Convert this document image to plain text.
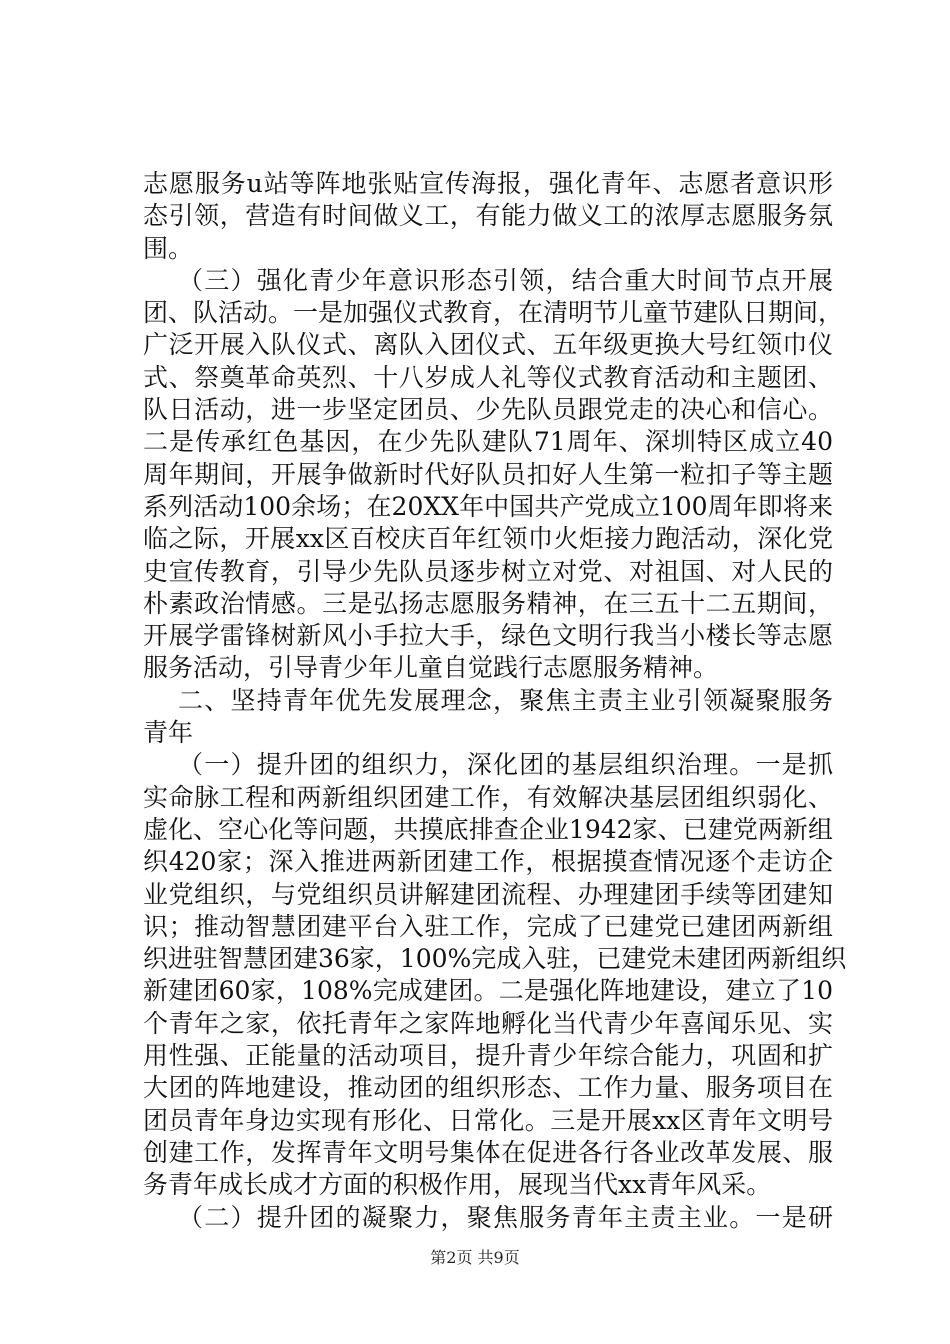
志愿服务u站等阵地张贴宣传海报，强化青年、志愿者意识形
态引领，营造有时间做义工，有能力做义工的浓厚志愿服务氛
围。
（三）强化青少年意识形态引领，结合重大时间节点开展
团、队活动。一是加强仪式教育，在清明节儿童节建队日期间，
广泛开展入队仪式、离队入团仪式、五年级更换大号红领巾仪
式、祭奠革命英烈、十八岁成人礼等仪式教育活动和主题团、
队日活动，进一步坚定团员、少先队员跟党走的决心和信心。
二是传承红色基因，在少先队建队71周年、深圳特区成立40
周年期间，开展争做新时代好队员扣好人生第一粒扣子等主题
系列活动100余场；在20XX年中国共产党成立100周年即将来
临之际，开展xx区百校庆百年红领巾火炬接力跑活动，深化党
史宣传教育，引导少先队员逐步树立对党、对祖国、对人民的
朴素政治情感。三是弘扬志愿服务精神，在三五十二五期间，
开展学雷锋树新风小手拉大手，绿色文明行我当小楼长等志愿
服务活动，引导青少年儿童自觉践行志愿服务精神。
二、坚持青年优先发展理念，聚焦主责主业引领凝聚服务
青年
（一）提升团的组织力，深化团的基层组织治理。一是抓
实命脉工程和两新组织团建工作，有效解决基层团组织弱化、
虚化、空心化等问题，共摸底排查企业1942家、已建党两新组
织420家；深入推进两新团建工作，根据摸查情况逐个走访企
业党组织，与党组织员讲解建团流程、办理建团手续等团建知
识；推动智慧团建平台入驻工作，完成了已建党已建团两新组
织进驻智慧团建36家，100%完成入驻，已建党未建团两新组织
新建团60家，108%完成建团。二是强化阵地建设，建立了10
个青年之家，依托青年之家阵地孵化当代青少年喜闻乐见、实
用性强、正能量的活动项目，提升青少年综合能力，巩固和扩
大团的阵地建设，推动团的组织形态、工作力量、服务项目在
团员青年身边实现有形化、日常化。三是开展xx区青年文明号
创建工作，发挥青年文明号集体在促进各行各业改革发展、服
务青年成长成才方面的积极作用，展现当代xx青年风采。
（二）提升团的凝聚力，聚焦服务青年主责主业。一是研
第2页 共9页
